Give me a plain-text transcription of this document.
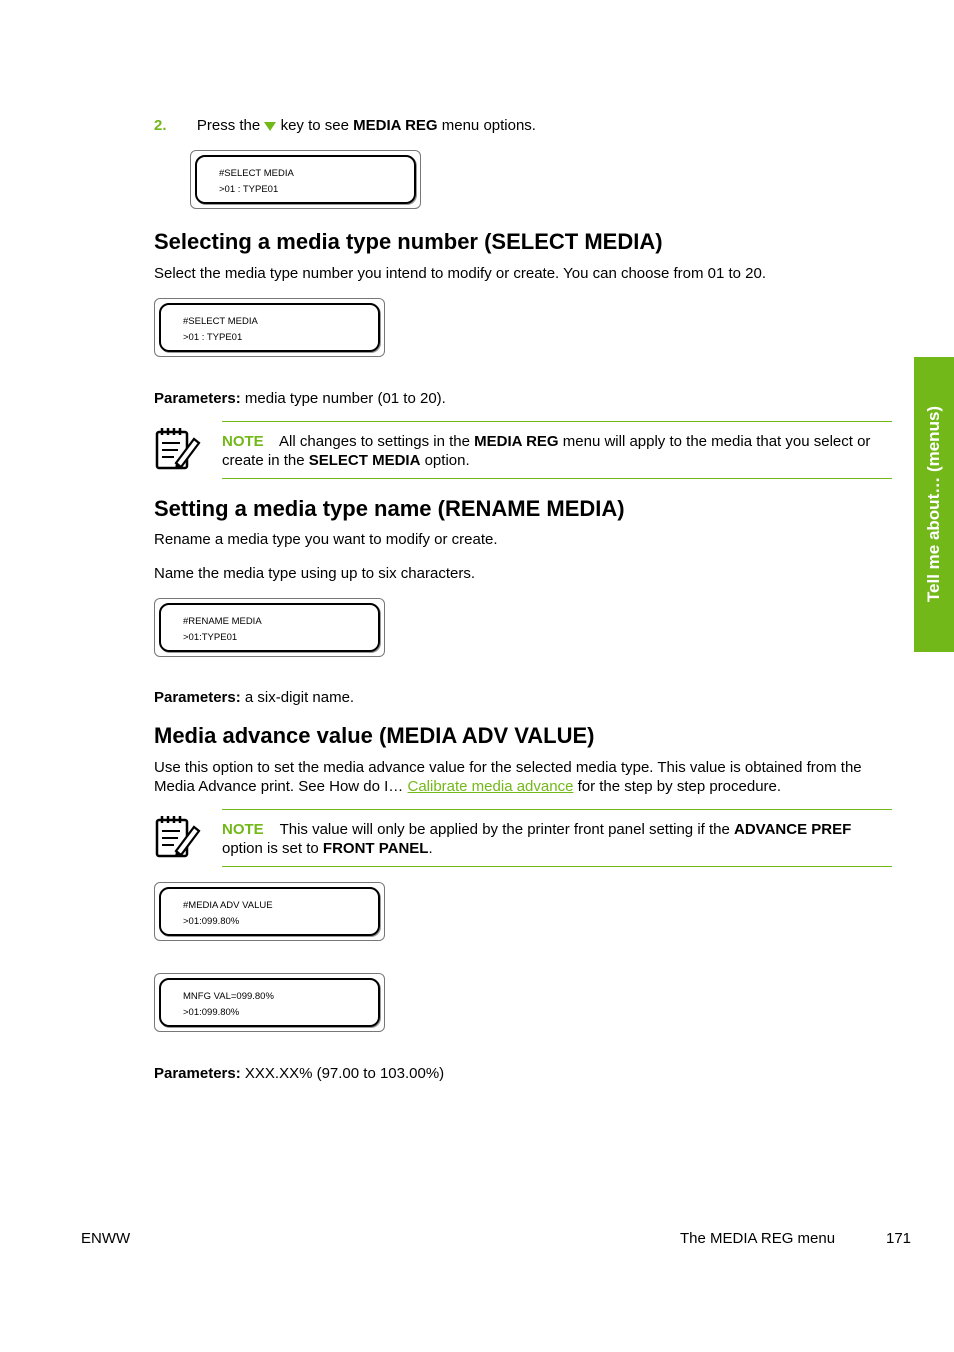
2. Press the key to see MEDIA REG menu options.
#SELECT MEDIA
>01 : TYPE01
Selecting a media type number (SELECT MEDIA)
Select the media type number you intend to modify or create. You can choose from 01 to 20.
#SELECT MEDIA
>01 : TYPE01
Parameters: media type number (01 to 20).
NOTE All changes to settings in the MEDIA REG menu will apply to the media that you select or create in the SELECT MEDIA option.
Setting a media type name (RENAME MEDIA)
Rename a media type you want to modify or create.
Name the media type using up to six characters.
#RENAME MEDIA
>01:TYPE01
Parameters: a six-digit name.
Media advance value (MEDIA ADV VALUE)
Use this option to set the media advance value for the selected media type. This value is obtained from the Media Advance print. See How do I… Calibrate media advance for the step by step procedure.
NOTE This value will only be applied by the printer front panel setting if the ADVANCE PREF option is set to FRONT PANEL.
#MEDIA ADV VALUE
>01:099.80%
MNFG VAL=099.80%
>01:099.80%
Parameters: XXX.XX% (97.00 to 103.00%)
Tell me about… (menus)
ENWW	The MEDIA REG menu	171
